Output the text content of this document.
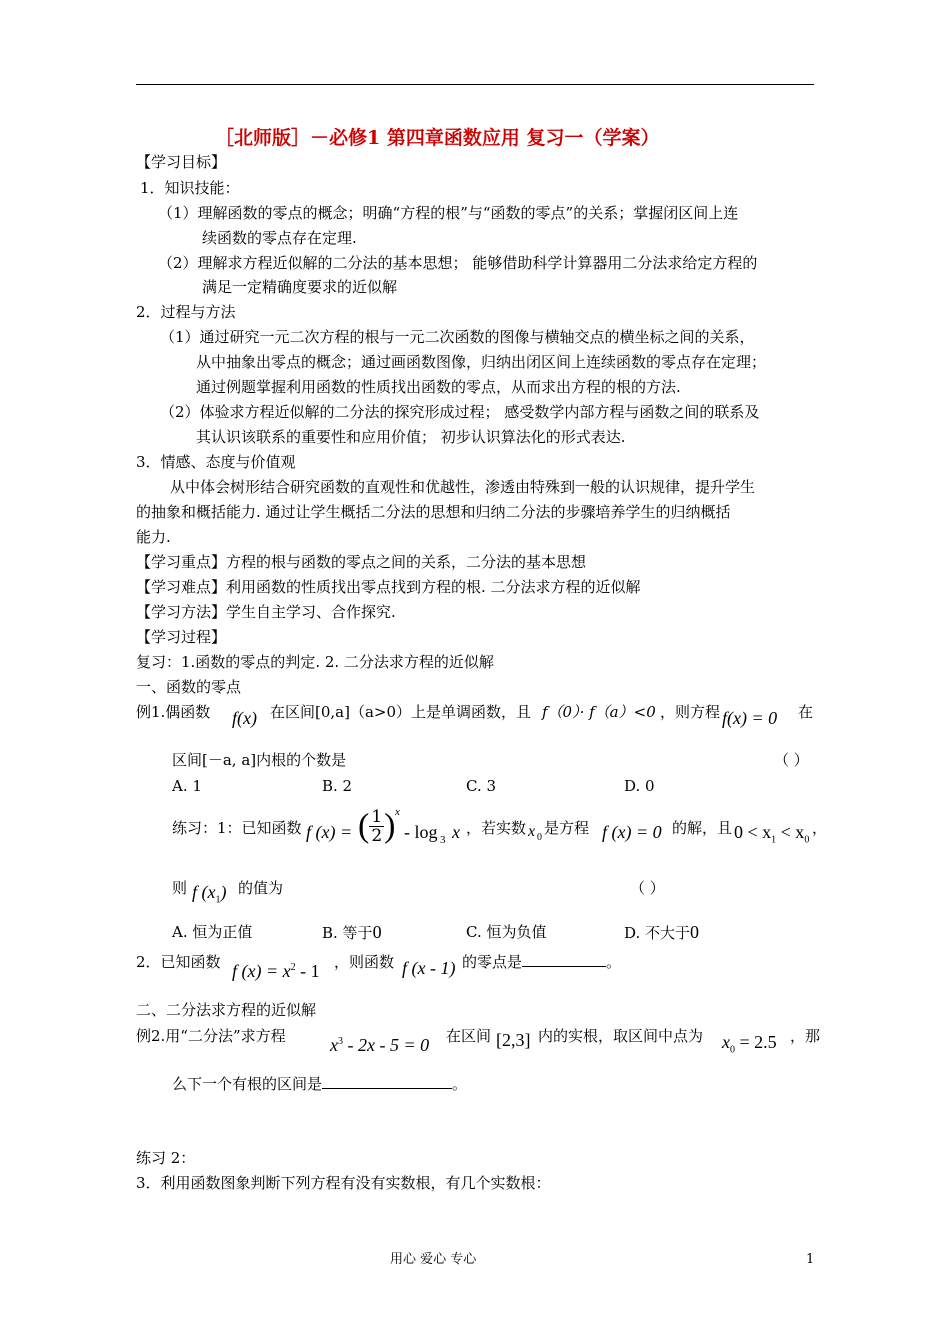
［北师版］－必修1 第四章函数应用 复习一（学案）
【学习目标】
1．知识技能：
（1）理解函数的零点的概念；明确“方程的根”与“函数的零点”的关系；掌握闭区间上连
续函数的零点存在定理.
（2）理解求方程近似解的二分法的基本思想； 能够借助科学计算器用二分法求给定方程的
满足一定精确度要求的近似解
2．过程与方法
（1）通过研究一元二次方程的根与一元二次函数的图像与横轴交点的横坐标之间的关系，
从中抽象出零点的概念；通过画函数图像，归纳出闭区间上连续函数的零点存在定理；
通过例题掌握利用函数的性质找出函数的零点，从而求出方程的根的方法.
（2）体验求方程近似解的二分法的探究形成过程； 感受数学内部方程与函数之间的联系及
其认识该联系的重要性和应用价值； 初步认识算法化的形式表达.
3．情感、态度与价值观
从中体会树形结合研究函数的直观性和优越性，渗透由特殊到一般的认识规律，提升学生
的抽象和概括能力. 通过让学生概括二分法的思想和归纳二分法的步骤培养学生的归纳概括
能力.
【学习重点】方程的根与函数的零点之间的关系，二分法的基本思想
【学习难点】利用函数的性质找出零点找到方程的根. 二分法求方程的近似解
【学习方法】学生自主学习、合作探究.
【学习过程】
复习：1.函数的零点的判定. 2. 二分法求方程的近似解
一、函数的零点
例1.偶函数 f(x) 在区间[0,a]（a>0）上是单调函数，且 f（0）· f（a）<0 ，则方程 f(x) = 0 在
区间[－a, a]内根的个数是	（ ）
A. 1	B. 2	C. 3	D. 0
练习：1：已知函数 f (x) = ( $\frac{1}{2}$ ) x
- log 3 x ，若实数 x 0
是方程 f (x) = 0 的解，且 $0 < x_1 < x_0$
，
则 f $(x_1)$ 的值为	（ ）
A. 恒为正值	B. 等于0	C. 恒为负值	D. 不大于0
2．已知函数 f $(x) = x^2 - 1$ ，则函数 f (x - 1) 的零点是	。
二、二分法求方程的近似解
例2.用“二分法”求方程 $x^3 - 2x - 5 = 0$ 在区间 [2,3] 内的实根，取区间中点为 $x_0 = 2.5$ ，那
么下一个有根的区间是	。
练习 2：
3．利用函数图象判断下列方程有没有实数根，有几个实数根：
用心 爱心 专心	1
